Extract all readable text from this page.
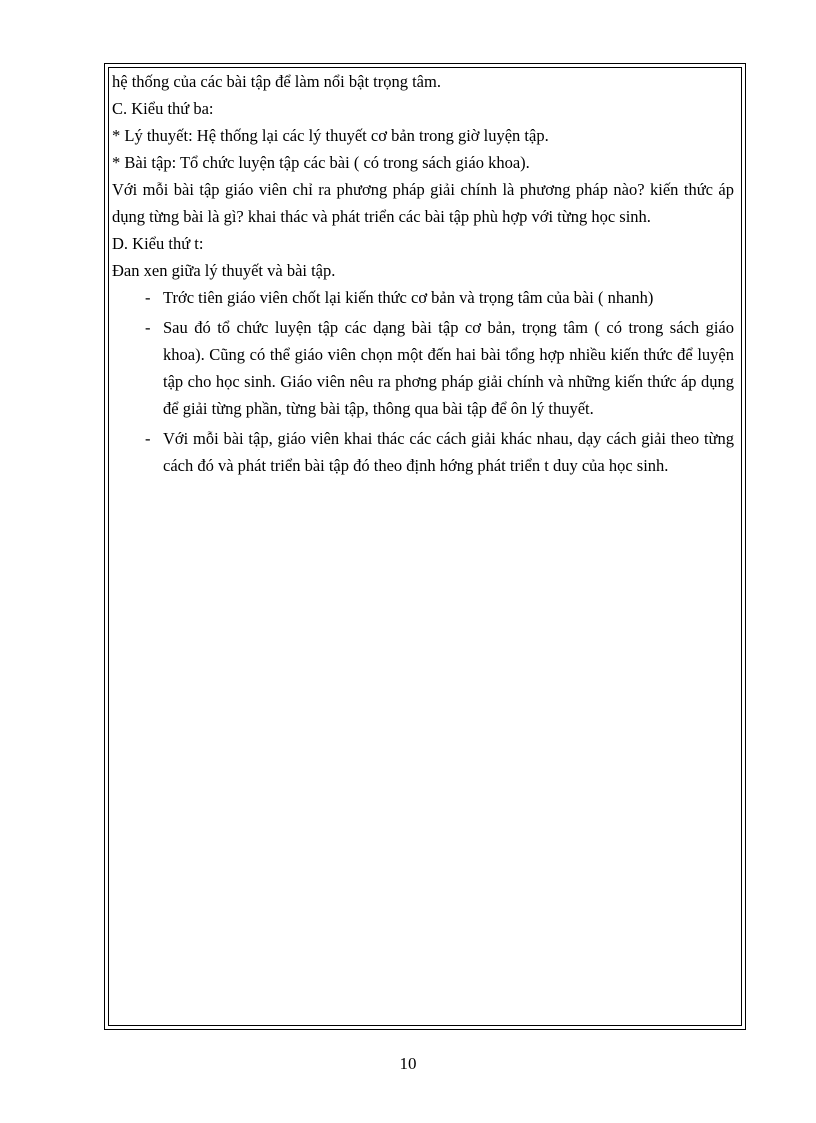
hệ thống của các bài tập để làm nổi bật trọng tâm.

C. Kiểu thứ ba:

* Lý thuyết: Hệ thống lại các lý thuyết cơ bản trong giờ luyện tập.

* Bài tập: Tổ chức luyện tập các bài ( có trong sách giáo khoa).

Với mỗi bài tập giáo viên chỉ ra phương pháp giải chính là phương pháp nào? kiến thức áp dụng từng bài là gì? khai thác và phát triển các bài tập phù hợp với từng học sinh.

D. Kiểu thứ t:

Đan xen giữa lý thuyết và bài tập.

- Trớc tiên giáo viên chốt lại kiến thức cơ bản và trọng tâm của bài ( nhanh)
- Sau đó tổ chức luyện tập các dạng bài tập cơ bản, trọng tâm ( có trong sách giáo khoa). Cũng có thể giáo viên chọn một đến hai bài tổng hợp nhiều kiến thức để luyện tập cho học sinh. Giáo viên nêu ra phơng pháp giải chính và những kiến thức áp dụng để giải từng phần, từng bài tập, thông qua bài tập để ôn lý thuyết.
- Với mỗi bài tập, giáo viên khai thác các cách giải khác nhau, dạy cách giải theo từng cách đó và phát triển bài tập đó theo định hớng phát triển t duy của học sinh.
10
